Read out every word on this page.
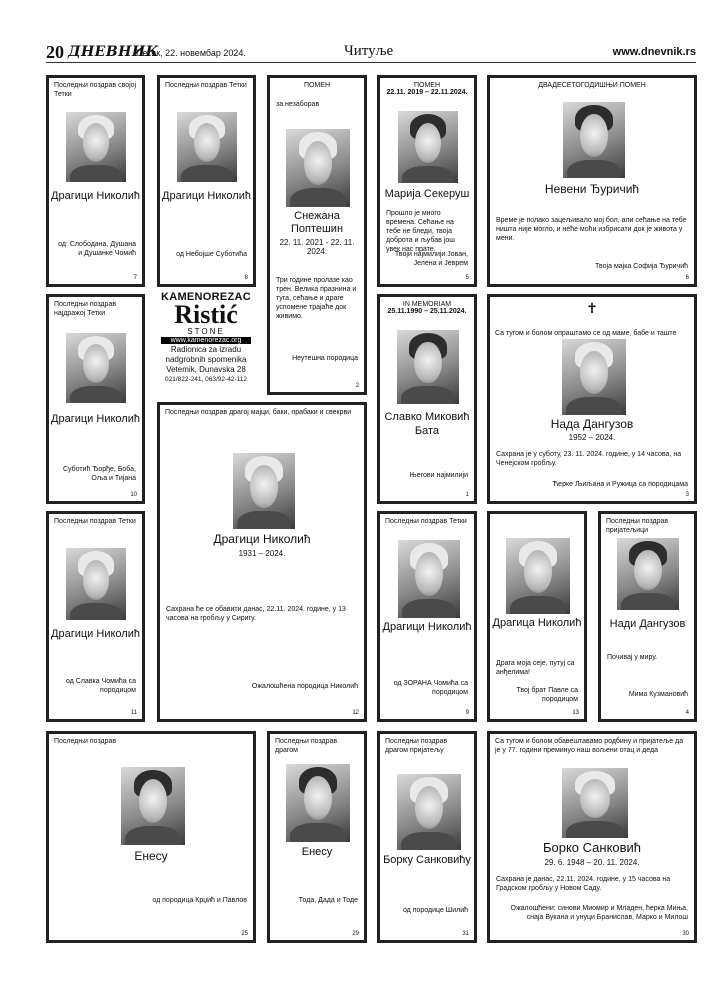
20 ДНЕВНИК
Петак, 22. новембар 2024.	Читуље	www.dnevnik.rs
Последњи поздрав својој Тетки
Драгици Николић
од: Слободана, Душана и Душанке Чомић
7
Последњи поздрав Тетки
Драгици Николић
од Небојше Суботића
8
ПОМЕН
за незаборав
Снежана Поптешин
22. 11. 2021 - 22. 11. 2024.
Три године пролазе као трен. Велика празнина и туга, сећање и драге успомене трајаће док живимо.
Неутешна породица
2
ПОМЕН
22.11. 2019 – 22.11.2024.
Марија Секеруш
Прошло је много времена. Сећање на тебе не бледи, твоја доброта и љубав још увек нас прате.
Твоји најмилији Јован, Јелена и Јеврем
5
ДВАДЕСЕТОГОДИШЊИ ПОМЕН
Невени Ђуричић
Време је полако зацељивало мој бол, али сећање на тебе ништа није могло, и неће моћи избрисати док је живота у мени.
Твоја мајка Софија Ђуричић
6
Последњи поздрав најдражој Тетки
Драгици Николић
Суботић Ђорђе, Боба, Оља и Тијана
10
KAMENOREZAC
Ristić
STONE
www.kamenorezac.org
Radionica za izradu
nadgrobnih spomenika
Vetemik, Dunavska 28
021/822-241, 063/92-42-112
IN MEMORIAM
25.11.1990 – 25.11.2024.
Славко Миковић
Бата
Његови најмилији
1
✝
Са тугом и болом опраштамо се од маме, бабе и таште
Нада Дангузов
1952 – 2024.
Сахрана је у суботу, 23. 11. 2024. године, у 14 часова, на Ченејском гробљу.
Ћерке Љиљана и Ружица са породицама
3
Последњи поздрав драгој мајци, баки, прабаки и свекрви
Драгици Николић
1931 – 2024.
Сахрана ће се обавити данас, 22.11. 2024. године, у 13 часова на гробљу у Сиригу.
Ожалошћена породица Николић
12
Последњи поздрав Тетки
Драгици Николић
од Славка Чомића са породицом
11
Последњи поздрав Тетки
Драгици Николић
од ЗОРАНА Чомића са породицом
9
Драгица Николић
Драга моја сеје, путуј са анђелима!
Твој брат Павле са породицом
13
Последњи поздрав пријатељици
Нади Дангузов
Почивај у миру.
Мима Кузмановић
4
Последњи поздрав
Енесу
од породица Крџић и Павлов
25
Последњи поздрав драгом
Енесу
Тода, Дада и Тоде
29
Последњи поздрав драгом пријатељу
Борку Санковићу
од породице Шилић
31
Са тугом и болом обавештавамо родбину и пријатеље да је у 77. години преминуо наш вољени отац и деда
Борко Санковић
29. 6. 1948 – 20. 11. 2024.
Сахрана је данас, 22.11. 2024. године, у 15 часова на Градском гробљу у Новом Саду.
Ожалошћени: синови Миомир и Младен, ћерка Миња, снаја Вукана и унуци Бранислав, Марко и Милош
30
